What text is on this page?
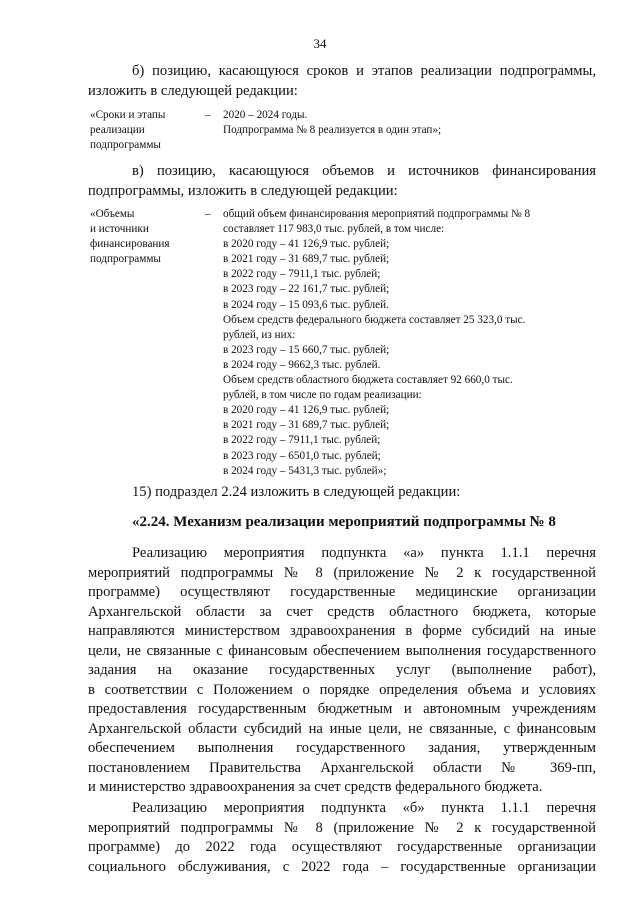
34
б) позицию, касающуюся сроков и этапов реализации подпрограммы,
изложить в следующей редакции:
«Сроки и этапы
реализации
подпрограммы
–	2020 – 2024 годы.
Подпрограмма № 8 реализуется в один этап»;
в) позицию, касающуюся объемов и источников финансирования
подпрограммы, изложить в следующей редакции:
«Объемы
и источники
финансирования
подпрограммы
–	общий объем финансирования мероприятий подпрограммы № 8
составляет 117 983,0 тыс. рублей, в том числе:
в 2020 году – 41 126,9 тыс. рублей;
в 2021 году – 31 689,7 тыс. рублей;
в 2022 году – 7911,1 тыс. рублей;
в 2023 году – 22 161,7 тыс. рублей;
в 2024 году – 15 093,6 тыс. рублей.
Объем средств федерального бюджета составляет 25 323,0 тыс.
рублей, из них:
в 2023 году – 15 660,7 тыс. рублей;
в 2024 году – 9662,3 тыс. рублей.
Объем средств областного бюджета составляет 92 660,0 тыс.
рублей, в том числе по годам реализации:
в 2020 году – 41 126,9 тыс. рублей;
в 2021 году – 31 689,7 тыс. рублей;
в 2022 году – 7911,1 тыс. рублей;
в 2023 году – 6501,0 тыс. рублей;
в 2024 году – 5431,3 тыс. рублей»;
15) подраздел 2.24 изложить в следующей редакции:
«2.24. Механизм реализации мероприятий подпрограммы № 8
Реализацию мероприятия подпункта «а» пункта 1.1.1 перечня
мероприятий подпрограммы № 8 (приложение № 2 к государственной
программе) осуществляют государственные медицинские организации
Архангельской области за счет средств областного бюджета, которые
направляются министерством здравоохранения в форме субсидий на иные
цели, не связанные с финансовым обеспечением выполнения государственного
задания на оказание государственных услуг (выполнение работ),
в соответствии с Положением о порядке определения объема и условиях
предоставления государственным бюджетным и автономным учреждениям
Архангельской области субсидий на иные цели, не связанные, с финансовым
обеспечением выполнения государственного задания, утвержденным
постановлением Правительства Архангельской области № 369-пп,
и министерство здравоохранения за счет средств федерального бюджета.
Реализацию мероприятия подпункта «б» пункта 1.1.1 перечня
мероприятий подпрограммы № 8 (приложение № 2 к государственной
программе) до 2022 года осуществляют государственные организации
социального обслуживания, с 2022 года – государственные организации
